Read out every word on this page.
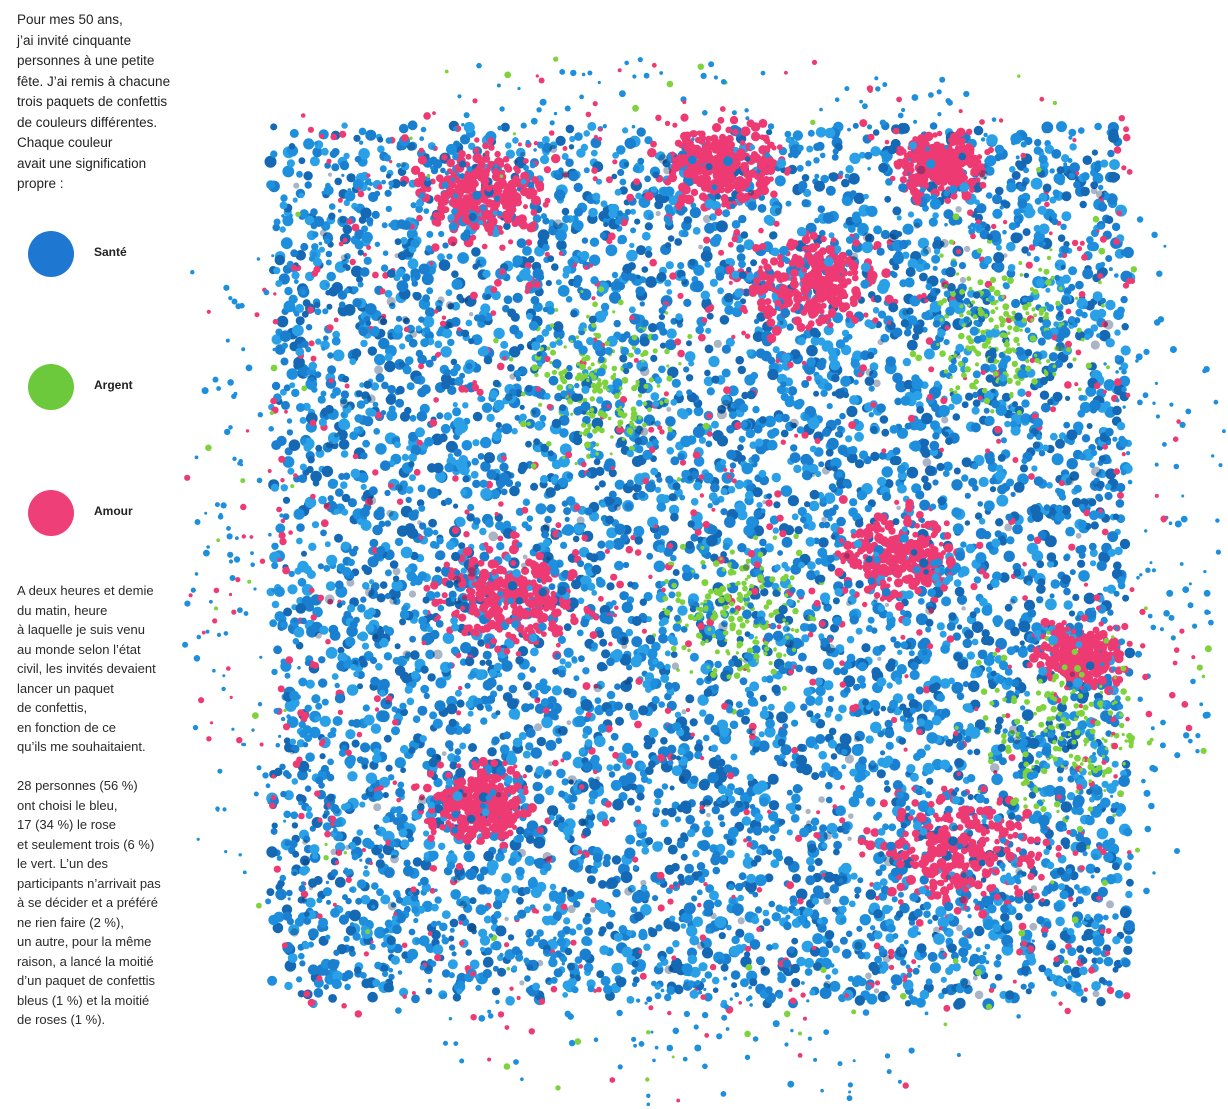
Pour mes 50 ans,
j’ai invité cinquante
personnes à une petite
fête. J’ai remis à chacune
trois paquets de confettis
de couleurs différentes.
Chaque couleur
avait une signification
propre :

Santé
Argent
Amour

A deux heures et demie
du matin, heure
à laquelle je suis venu
au monde selon l’état
civil, les invités devaient
lancer un paquet
de confettis,
en fonction de ce
qu’ils me souhaitaient.

28 personnes (56 %)
ont choisi le bleu,
17 (34 %) le rose
et seulement trois (6 %)
le vert. L’un des
participants n’arrivait pas
à se décider et a préféré
ne rien faire (2 %),
un autre, pour la même
raison, a lancé la moitié
d’un paquet de confettis
bleus (1 %) et la moitié
de roses (1 %).
